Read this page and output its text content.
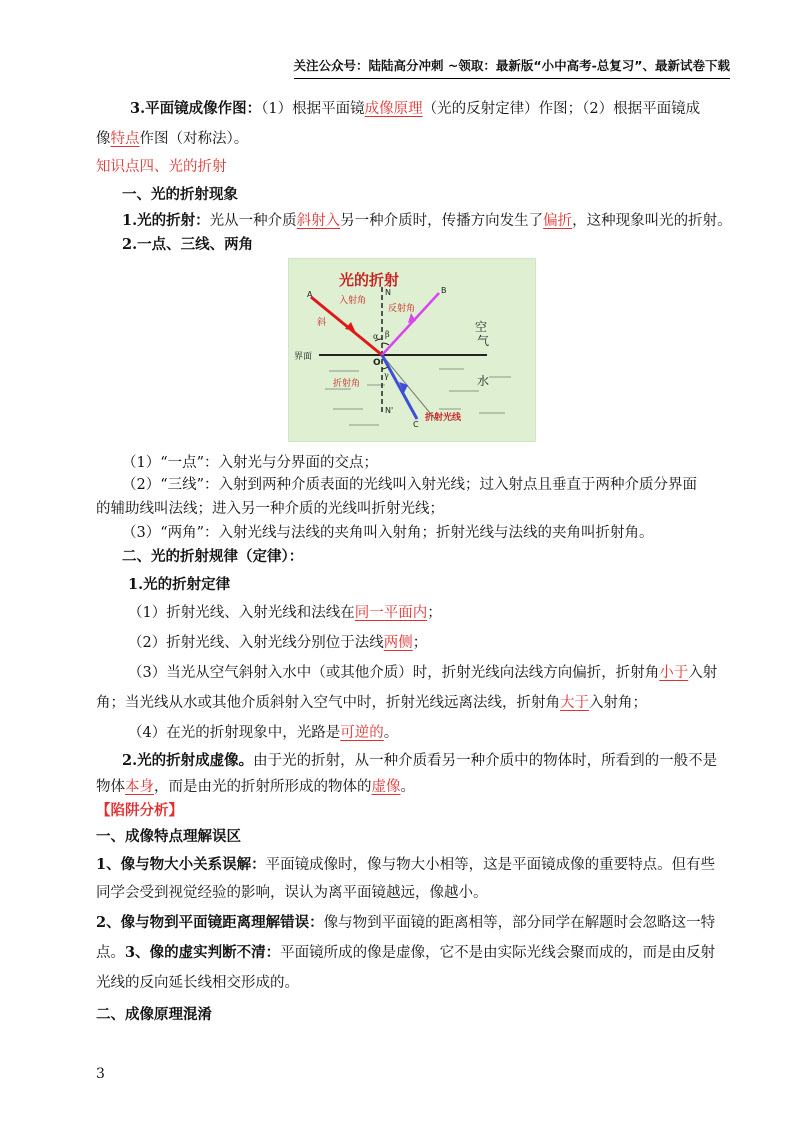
关注公众号：陆陆高分冲刺 ~领取：最新版“小中高考-总复习”、最新试卷下载
3.平面镜成像作图：（1）根据平面镜成像原理（光的反射定律）作图；（2）根据平面镜成
像特点作图（对称法）。
知识点四、光的折射
一、光的折射现象
1.光的折射：光从一种介质斜射入另一种介质时，传播方向发生了偏折，这种现象叫光的折射。
2.一点、三线、两角
光的折射
入射角
反射角
折射角
斜
折射光线
空
气
水
界面
A	B
C
N
N'
O
α β
γ
（1）“一点”：入射光与分界面的交点；
（2）“三线”：入射到两种介质表面的光线叫入射光线；过入射点且垂直于两种介质分界面
的辅助线叫法线；进入另一种介质的光线叫折射光线；
（3）“两角”：入射光线与法线的夹角叫入射角；折射光线与法线的夹角叫折射角。
二、光的折射规律（定律）：
1.光的折射定律
（1）折射光线、入射光线和法线在同一平面内；
（2）折射光线、入射光线分别位于法线两侧；
（3）当光从空气斜射入水中（或其他介质）时，折射光线向法线方向偏折，折射角小于入射
角；当光线从水或其他介质斜射入空气中时，折射光线远离法线，折射角大于入射角；
（4）在光的折射现象中，光路是可逆的。
2.光的折射成虚像。由于光的折射，从一种介质看另一种介质中的物体时，所看到的一般不是
物体本身，而是由光的折射所形成的物体的虚像。
【陷阱分析】
一、成像特点理解误区
1、像与物大小关系误解：平面镜成像时，像与物大小相等，这是平面镜成像的重要特点。但有些
同学会受到视觉经验的影响，误认为离平面镜越远，像越小。
2、像与物到平面镜距离理解错误：像与物到平面镜的距离相等，部分同学在解题时会忽略这一特
点。3、像的虚实判断不清：平面镜所成的像是虚像，它不是由实际光线会聚而成的，而是由反射
光线的反向延长线相交形成的。
二、成像原理混淆
3
